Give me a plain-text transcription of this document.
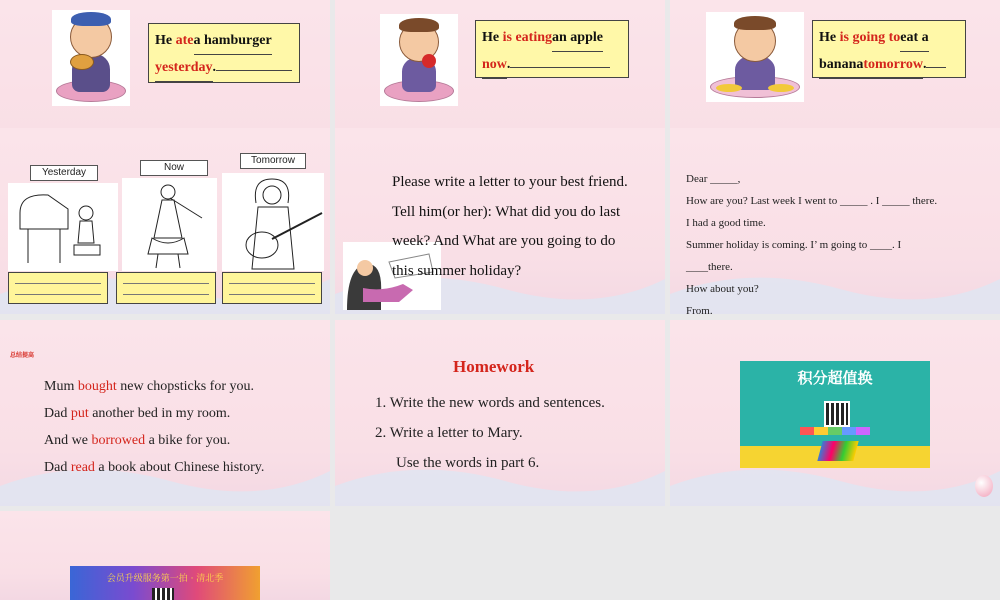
He atea hamburger
yesterday.
He is eatingan apple
now.
He is going toeat a
bananatomorrow.
Yesterday	Now
Tomorrow
Please write a letter to your best friend.
Tell him(or her): What did you do last
week? And What are you going to do
this summer holiday?
Dear _____,
How are you? Last week I went to _____ . I _____ there.
I had a good time.
Summer holiday is coming. I’ m going to ____. I
____there.
How about you?
From.
总结提高
Mum bought new chopsticks for you.
Dad put another bed in my room.
And we borrowed a bike for you.
Dad read a book about Chinese history.
Homework
1. Write the new words and sentences.
2. Write a letter to Mary.
Use the words in part 6.
积分超值换
会员升级服务第一拍 · 清北季
